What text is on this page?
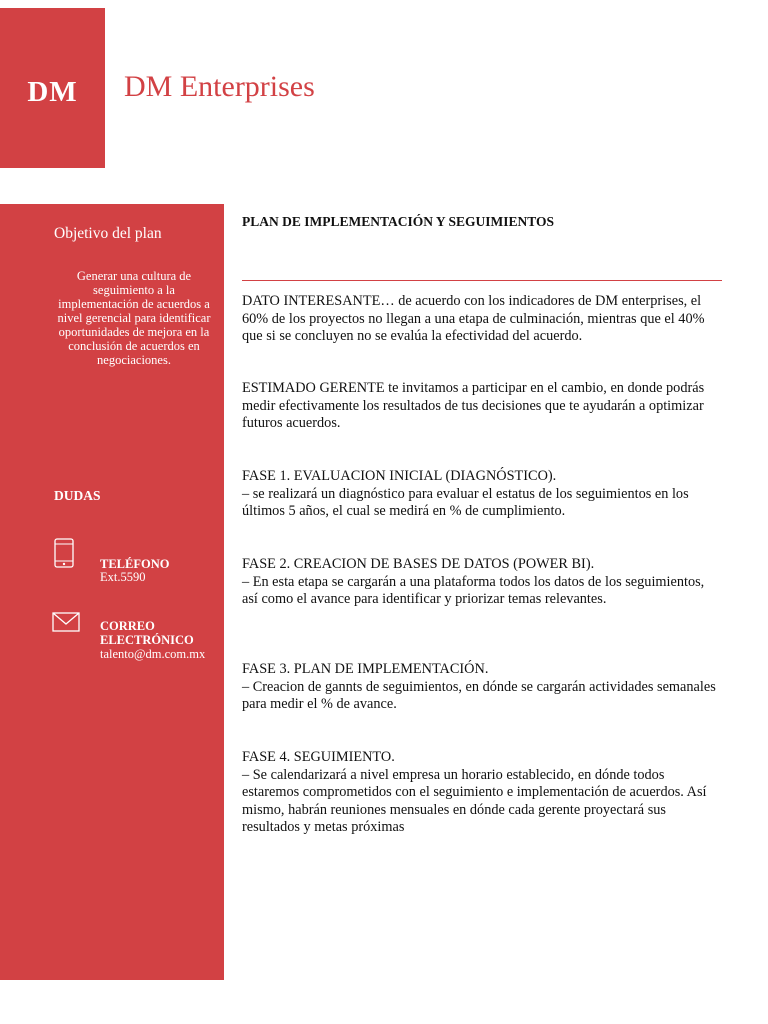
DM	DM Enterprises
Objetivo del plan
Generar una cultura de seguimiento a la implementación de acuerdos a nivel gerencial para identificar oportunidades de mejora en la conclusión de acuerdos en negociaciones.
DUDAS
TELÉFONO
Ext.5590
CORREO ELECTRÓNICO
talento@dm.com.mx
PLAN DE IMPLEMENTACIÓN Y SEGUIMIENTOS
DATO INTERESANTE… de acuerdo con los indicadores de DM enterprises, el 60% de los proyectos no llegan a una etapa de culminación, mientras que el 40% que si se concluyen no se evalúa la efectividad del acuerdo.
ESTIMADO GERENTE te invitamos a participar en el cambio, en donde podrás medir efectivamente los resultados de tus decisiones que te ayudarán a optimizar futuros acuerdos.
FASE 1. EVALUACION INICIAL (DIAGNÓSTICO).
– se realizará un diagnóstico para evaluar el estatus de los seguimientos en los últimos 5 años, el cual se medirá en % de cumplimiento.
FASE 2. CREACION DE BASES DE DATOS (POWER BI).
– En esta etapa se cargarán a una plataforma todos los datos de los seguimientos, así como el avance para identificar y priorizar temas relevantes.
FASE 3. PLAN DE IMPLEMENTACIÓN.
– Creacion de gannts de seguimientos, en dónde se cargarán actividades semanales para medir el % de avance.
FASE 4. SEGUIMIENTO.
– Se calendarizará a nivel empresa un horario establecido, en dónde todos estaremos comprometidos con el seguimiento e implementación de acuerdos. Así mismo, habrán reuniones mensuales en dónde cada gerente proyectará sus resultados y metas próximas
